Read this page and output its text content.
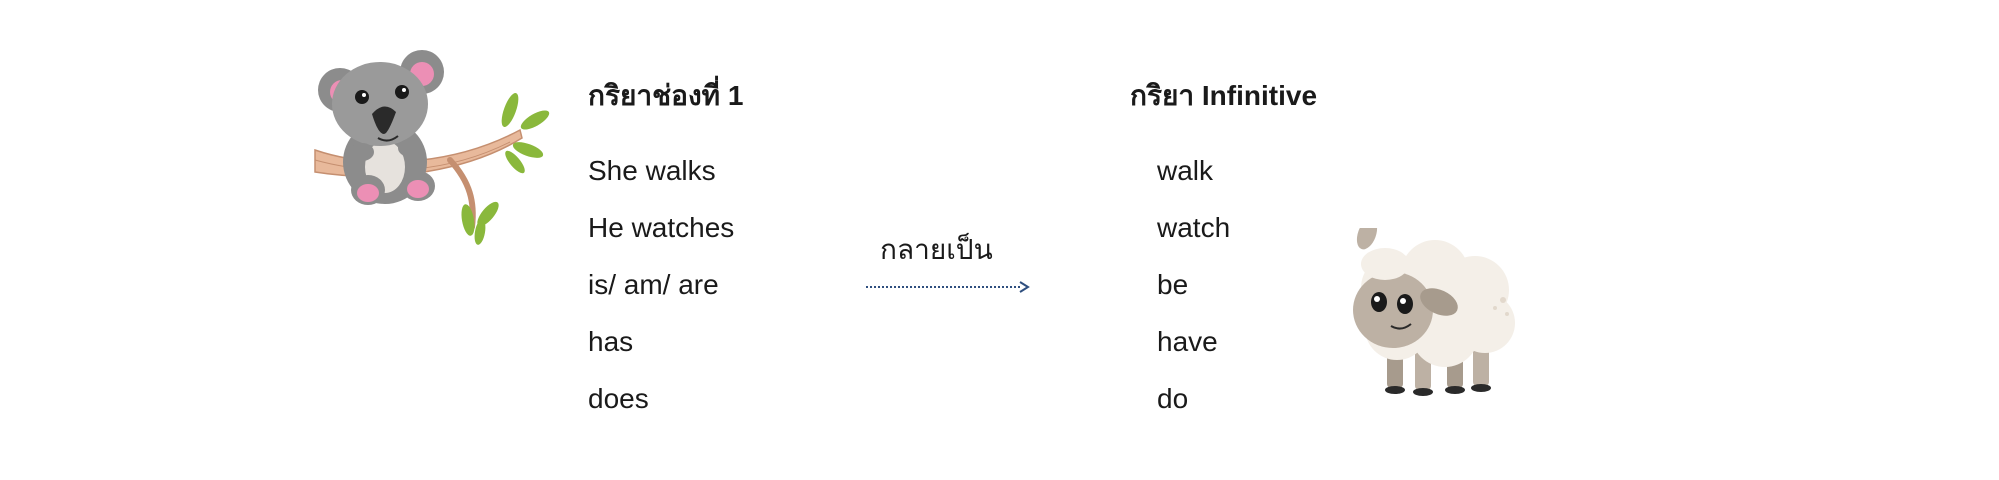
กริยาช่องที่ 1	กริยา Infinitive
She walks
He watches
is/ am/ are
has
does
กลายเป็น
walk
watch
be
have
do
